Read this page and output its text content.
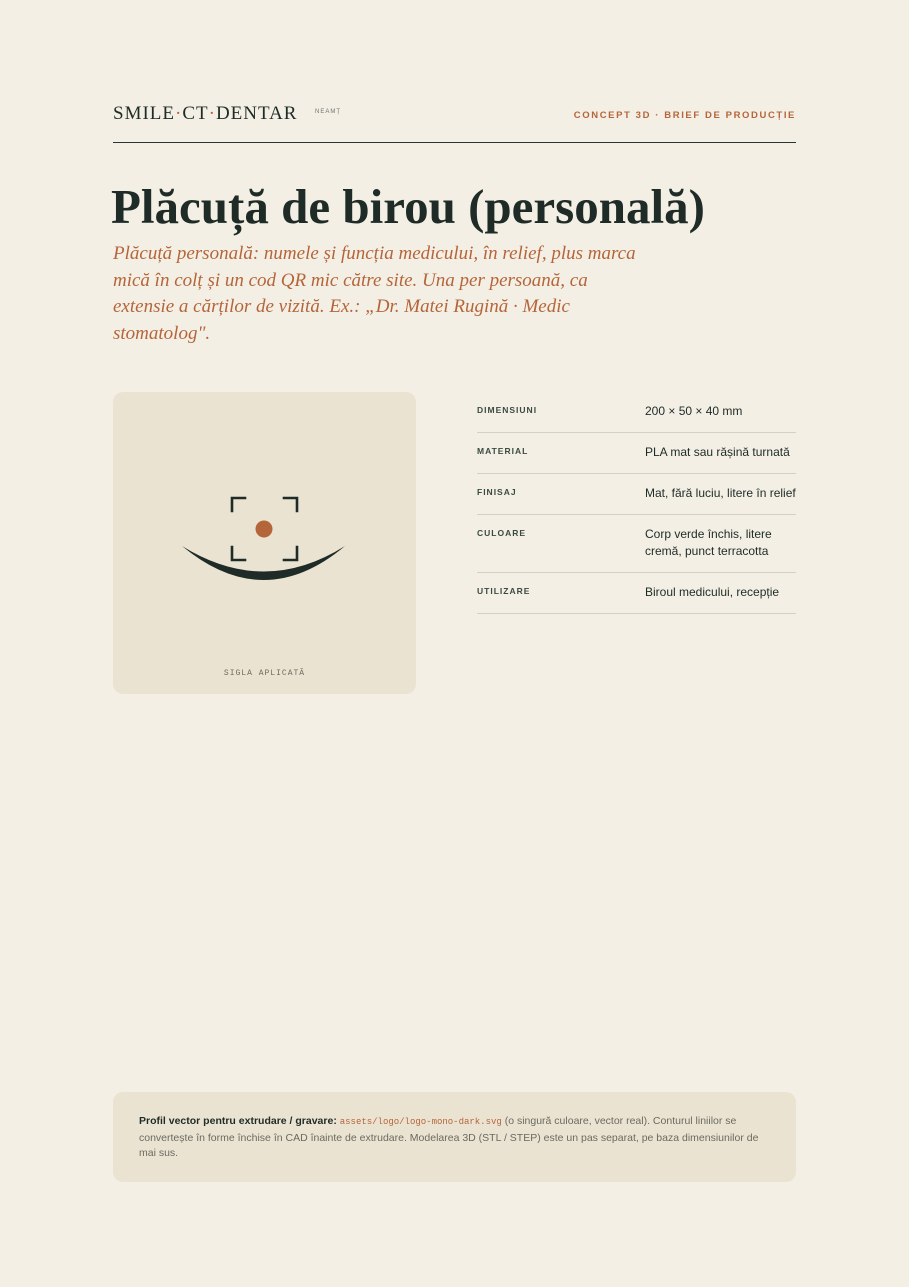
SMILE·CT·DENTAR	NEAMȚ	CONCEPT 3D · BRIEF DE PRODUCȚIE
Plăcuță de birou (personală)

Plăcuță personală: numele și funcția medicului, în relief, plus marca mică în colț și un cod QR mic către site. Una per persoană, ca extensie a cărților de vizită. Ex.: „Dr. Matei Rugină · Medic stomatolog".

SIGLA APLICATĂ
DIMENSIUNI	200 × 50 × 40 mm
MATERIAL	PLA mat sau rășină turnată
FINISAJ	Mat, fără luciu, litere în relief
CULOARE	Corp verde închis, litere cremă, punct terracotta
UTILIZARE	Biroul medicului, recepție
Profil vector pentru extrudare / gravare: assets/logo/logo-mono-dark.svg (o singură culoare, vector real). Conturul liniilor se convertește în forme închise în CAD înainte de extrudare. Modelarea 3D (STL / STEP) este un pas separat, pe baza dimensiunilor de mai sus.
